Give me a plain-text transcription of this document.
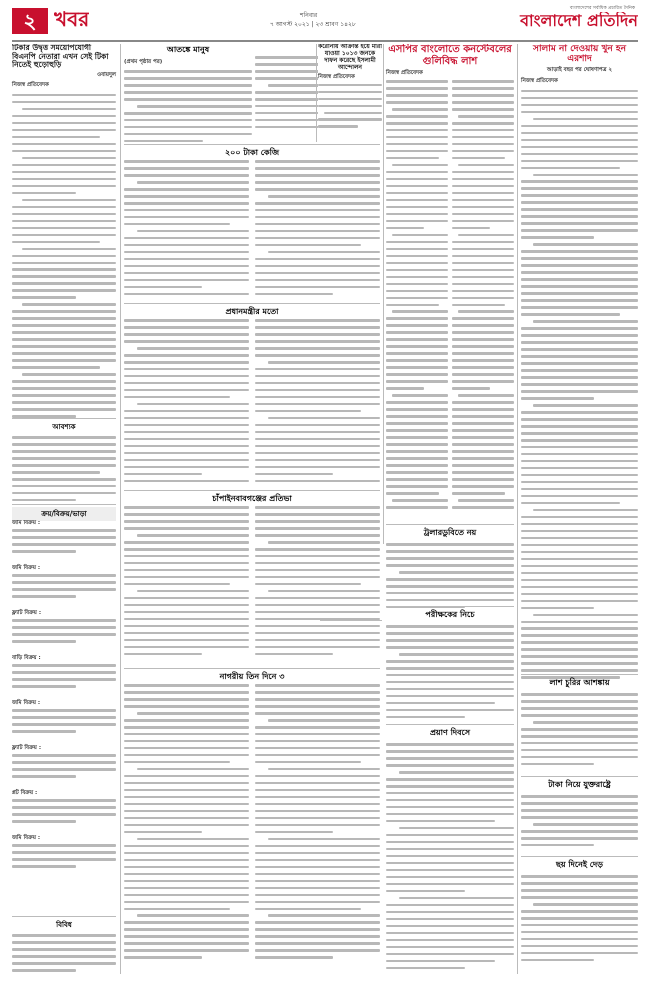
২ খবর	শনিবার
৭ আগস্ট ২০২১ | ২৩ শ্রাবণ ১৪২৮
বাংলাদেশের সর্বাধিক প্রচারিত দৈনিক
বাংলাদেশ প্রতিদিন
টিকার উদ্বৃত্ত সময়োপযোগী বিএনপি নেতারা এখন সেই টিকা নিতেই হুড়োহুড়ি
ওবায়দুল
নিজস্ব প্রতিবেদক
আবশ্যক
ক্রয়/বিক্রয়/ভাড়া
জমি বিক্রয় :
জমি বিক্রয় :
ফ্ল্যাট বিক্রয় :
বাড়ি বিক্রয় :
জমি বিক্রয় :
ফ্ল্যাট বিক্রয় :
প্লট বিক্রয় :
জমি বিক্রয় :
বিবিধ
আতঙ্কে মানুষ
(প্রথম পৃষ্ঠার পর)
২০০ টাকা কেজি
প্রধানমন্ত্রীর মতো
চাঁপাইনবাবগঞ্জের প্রতিভা
নাগরীয় তিন দিনে ৩
এসপির বাংলোতে কনস্টেবলের গুলিবিদ্ধ লাশ
নিজস্ব প্রতিবেদক
ট্রলারডুবিতে নয়
পরীক্ষকের নিচে
প্রয়াণ দিবসে
সালাম না দেওয়ায় খুন হন এরশাদ
আড়াই বছর পর ঘোষণাপত্র ২
নিজস্ব প্রতিবেদক
লাশ চুরির আশঙ্কায়
টাকা নিয়ে যুক্তরাষ্ট্রে
ছয় দিনেই দেড়
করোনায় আক্রান্ত হয়ে মারা যাওয়া ১০১৩ জনকে দাফন করেছে ইসলামী আন্দোলন
নিজস্ব প্রতিবেদক
